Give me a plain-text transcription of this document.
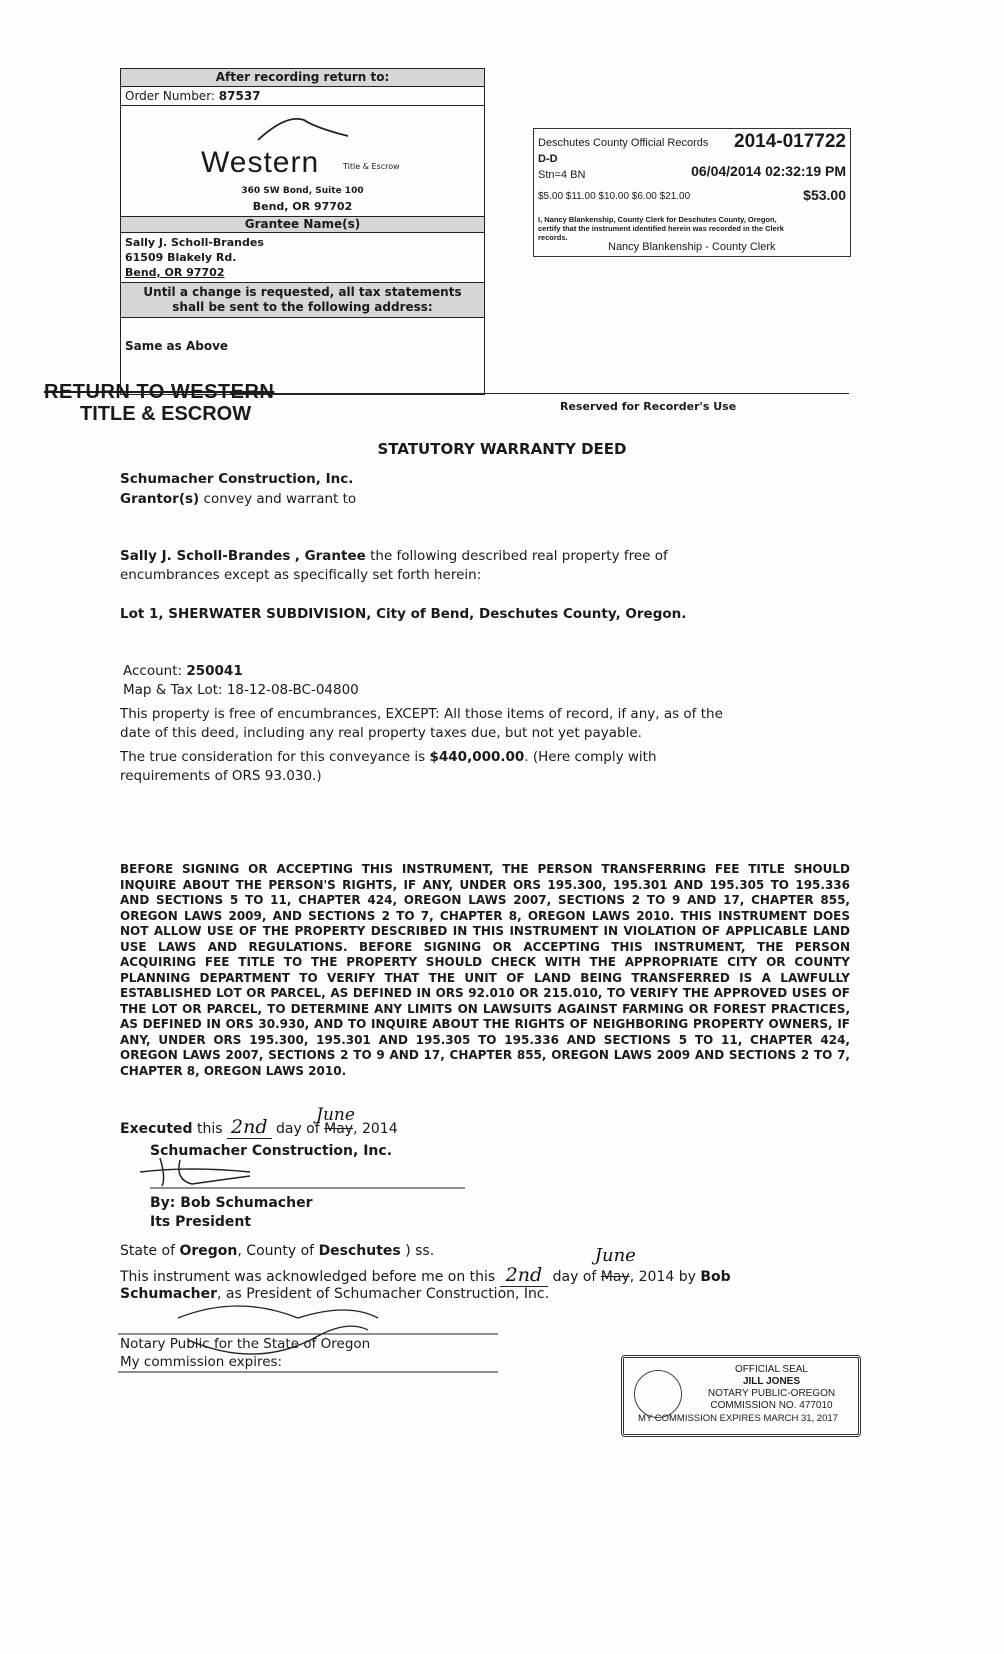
After recording return to:
Order Number: 87537
Western	Title & Escrow
360 SW Bond, Suite 100
Bend, OR 97702
Grantee Name(s)
Sally J. Scholl-Brandes
61509 Blakely Rd.
Bend, OR 97702
Until a change is requested, all tax statements
shall be sent to the following address:
Same as Above
Deschutes County Official Records 2014-017722
D-D
Stn=4 BN	06/04/2014 02:32:19 PM
$5.00 $11.00 $10.00 $6.00 $21.00	$53.00
I, Nancy Blankenship, County Clerk for Deschutes County, Oregon,
certify that the instrument identified herein was recorded in the Clerk
records.
Nancy Blankenship - County Clerk
Reserved for Recorder's Use
RETURN TO WESTERN
TITLE & ESCROW
STATUTORY WARRANTY DEED
Schumacher Construction, Inc.
Grantor(s) convey and warrant to
Sally J. Scholl-Brandes , Grantee the following described real property free of
encumbrances except as specifically set forth herein:
Lot 1, SHERWATER SUBDIVISION, City of Bend, Deschutes County, Oregon.
Account: 250041
Map & Tax Lot: 18-12-08-BC-04800
This property is free of encumbrances, EXCEPT: All those items of record, if any, as of the
date of this deed, including any real property taxes due, but not yet payable.
The true consideration for this conveyance is $440,000.00. (Here comply with
requirements of ORS 93.030.)
BEFORE SIGNING OR ACCEPTING THIS INSTRUMENT, THE PERSON TRANSFERRING FEE TITLE SHOULD INQUIRE ABOUT THE PERSON'S RIGHTS, IF ANY, UNDER ORS 195.300, 195.301 AND 195.305 TO 195.336 AND SECTIONS 5 TO 11, CHAPTER 424, OREGON LAWS 2007, SECTIONS 2 TO 9 AND 17, CHAPTER 855, OREGON LAWS 2009, AND SECTIONS 2 TO 7, CHAPTER 8, OREGON LAWS 2010. THIS INSTRUMENT DOES NOT ALLOW USE OF THE PROPERTY DESCRIBED IN THIS INSTRUMENT IN VIOLATION OF APPLICABLE LAND USE LAWS AND REGULATIONS. BEFORE SIGNING OR ACCEPTING THIS INSTRUMENT, THE PERSON ACQUIRING FEE TITLE TO THE PROPERTY SHOULD CHECK WITH THE APPROPRIATE CITY OR COUNTY PLANNING DEPARTMENT TO VERIFY THAT THE UNIT OF LAND BEING TRANSFERRED IS A LAWFULLY ESTABLISHED LOT OR PARCEL, AS DEFINED IN ORS 92.010 OR 215.010, TO VERIFY THE APPROVED USES OF THE LOT OR PARCEL, TO DETERMINE ANY LIMITS ON LAWSUITS AGAINST FARMING OR FOREST PRACTICES, AS DEFINED IN ORS 30.930, AND TO INQUIRE ABOUT THE RIGHTS OF NEIGHBORING PROPERTY OWNERS, IF ANY, UNDER ORS 195.300, 195.301 AND 195.305 TO 195.336 AND SECTIONS 5 TO 11, CHAPTER 424, OREGON LAWS 2007, SECTIONS 2 TO 9 AND 17, CHAPTER 855, OREGON LAWS 2009 AND SECTIONS 2 TO 7, CHAPTER 8, OREGON LAWS 2010.
Executed this 2nd day of May
June
, 2014
Schumacher Construction, Inc.
By: Bob Schumacher
Its President
State of Oregon, County of Deschutes ) ss.
This instrument was acknowledged before me on this 2nd day of May
June
, 2014 by Bob
Schumacher, as President of Schumacher Construction, Inc.
Notary Public for the State of Oregon
My commission expires:	OFFICIAL SEAL
JILL JONES
NOTARY PUBLIC-OREGON
COMMISSION NO. 477010
MY COMMISSION EXPIRES MARCH 31, 2017
